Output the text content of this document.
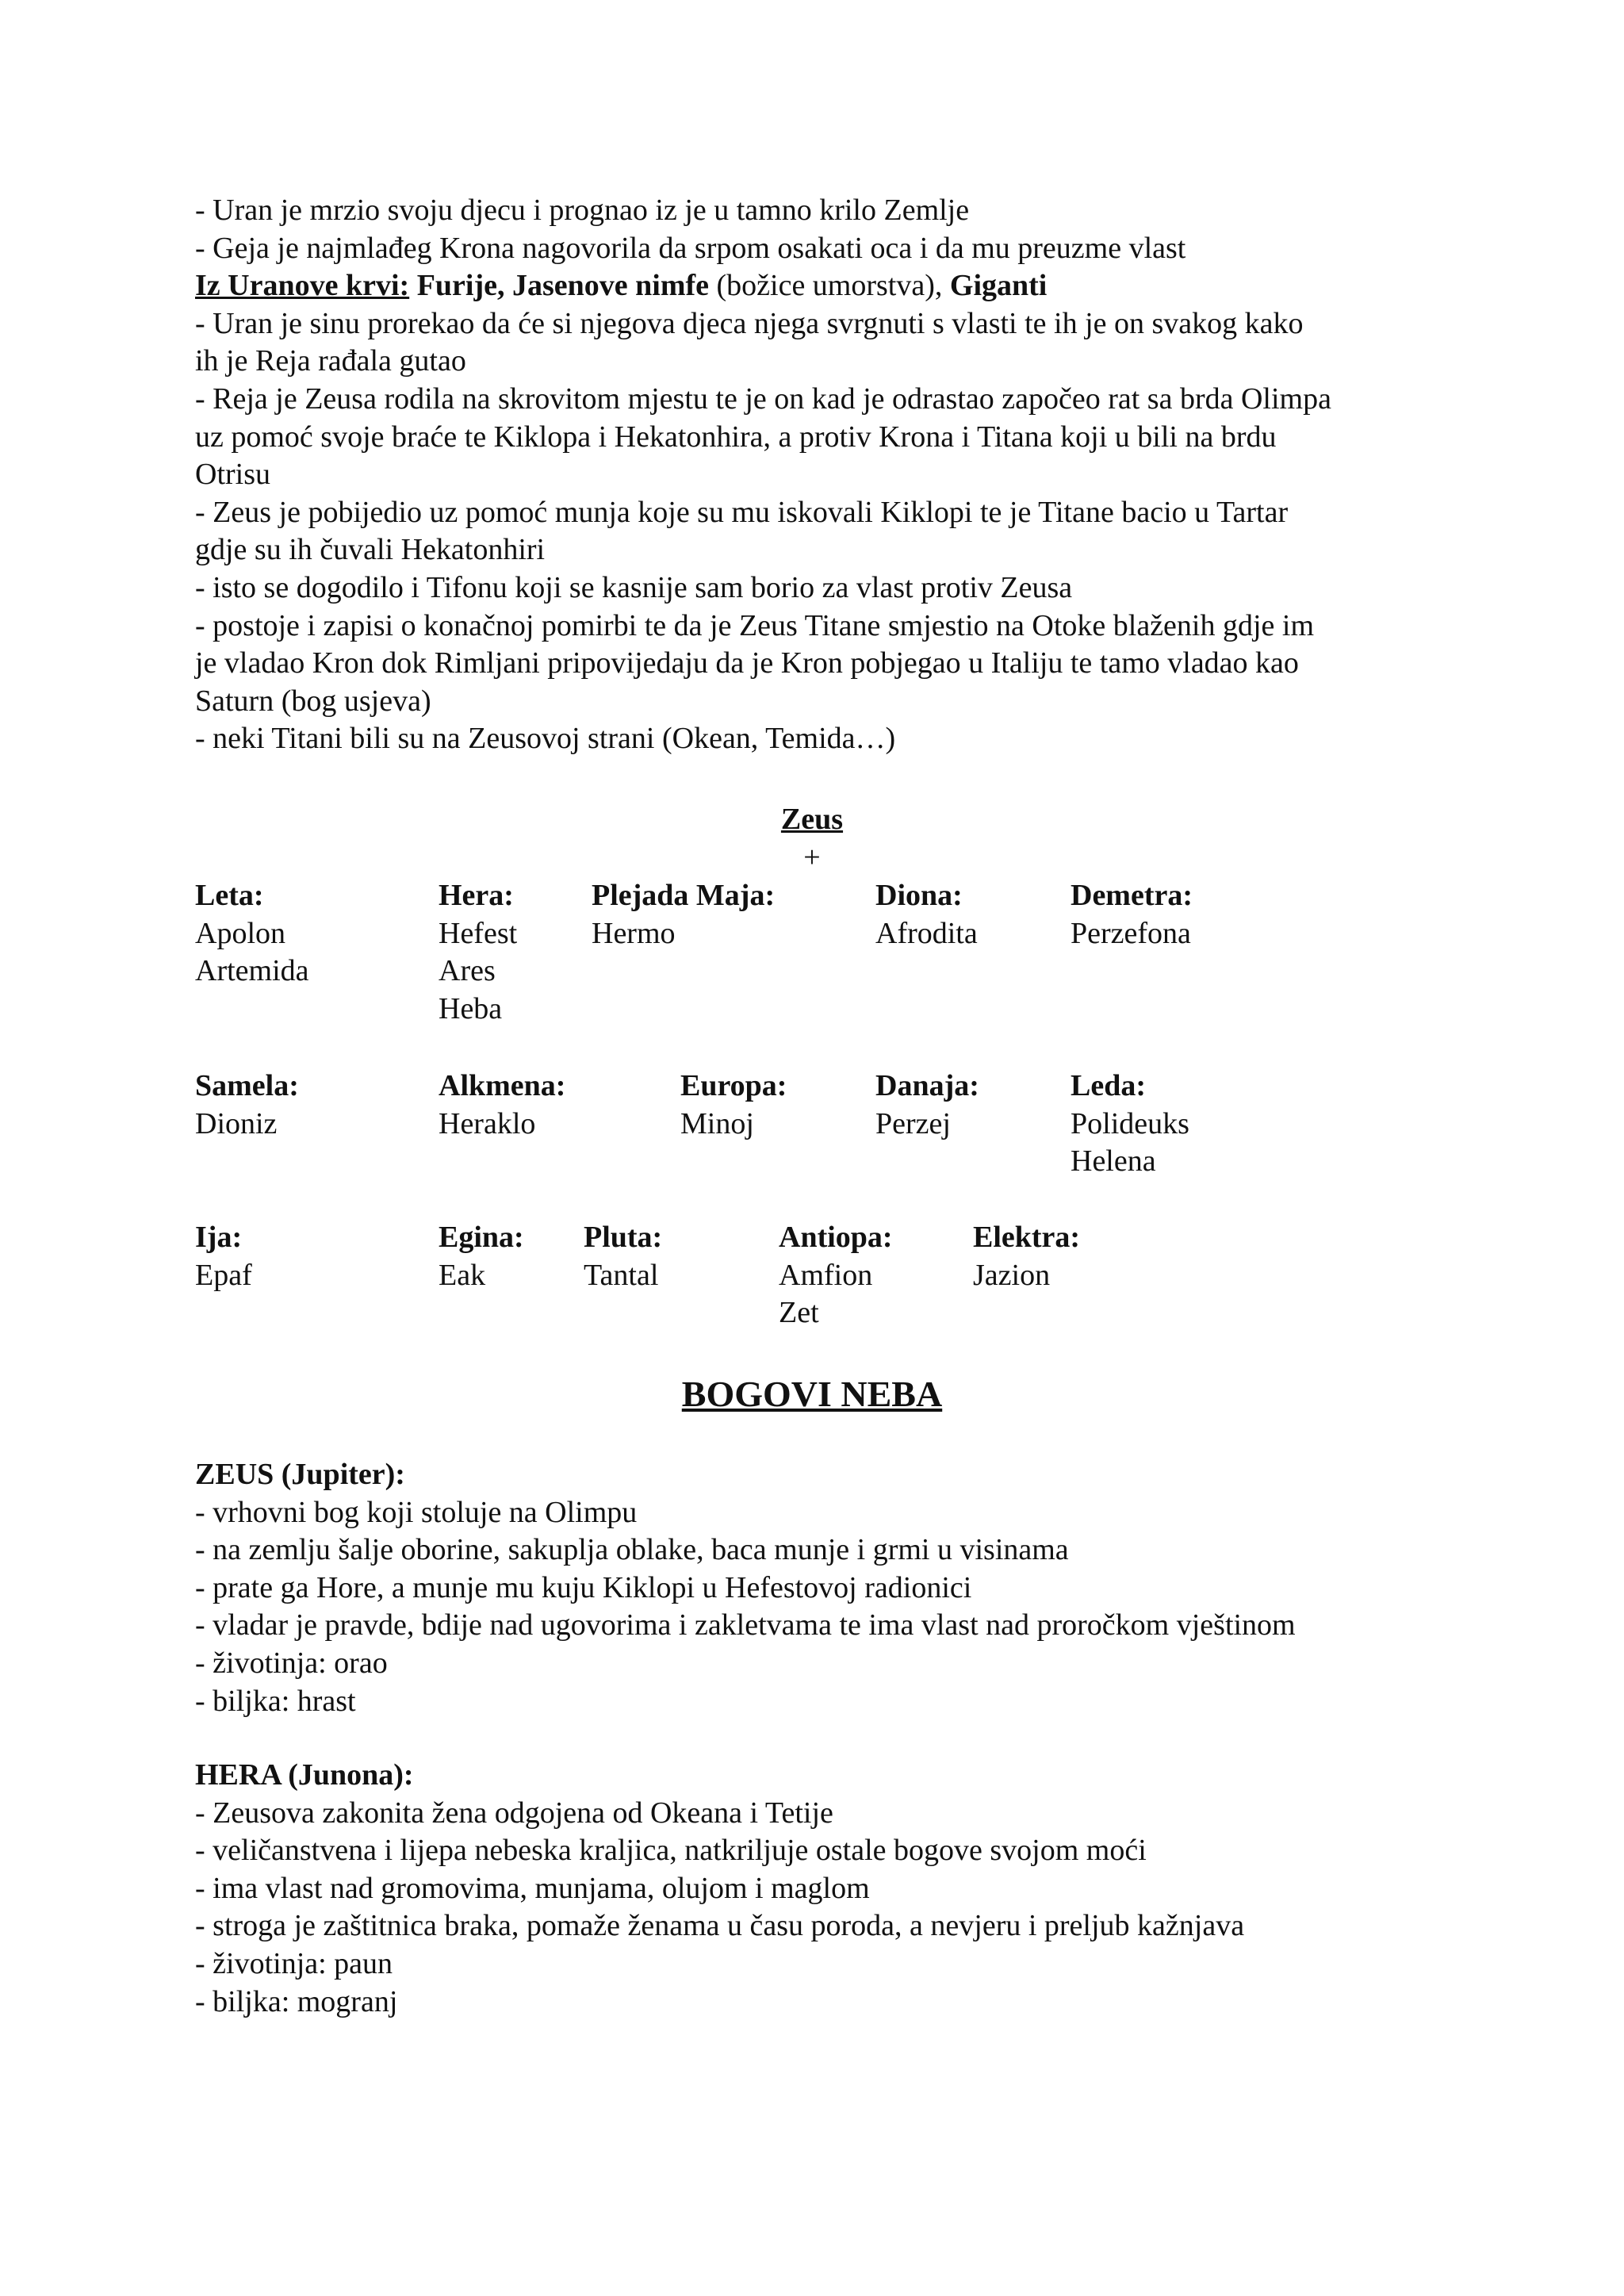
- Uran je mrzio svoju djecu i prognao iz je u tamno krilo Zemlje

- Geja je najmlađeg Krona nagovorila da srpom osakati oca i da mu preuzme vlast

Iz Uranove krvi: Furije, Jasenove nimfe (božice umorstva), Giganti

- Uran je sinu prorekao da će si njegova djeca njega svrgnuti s vlasti te ih je on svakog kako

ih je Reja rađala gutao

- Reja je Zeusa rodila na skrovitom mjestu te je on kad je odrastao započeo rat sa brda Olimpa

uz pomoć svoje braće te Kiklopa i Hekatonhira, a protiv Krona i Titana koji u bili na brdu

Otrisu

- Zeus je pobijedio uz pomoć munja koje su mu iskovali Kiklopi te je Titane bacio u Tartar

gdje su ih čuvali Hekatonhiri

- isto se dogodilo i Tifonu koji se kasnije sam borio za vlast protiv Zeusa

- postoje i zapisi o konačnoj pomirbi te da je Zeus Titane smjestio na Otoke blaženih gdje im

je vladao Kron dok Rimljani pripovijedaju da je Kron pobjegao u Italiju te tamo vladao kao

Saturn (bog usjeva)

- neki Titani bili su na Zeusovoj strani (Okean, Temida…)

Zeus
+
Leta:
Apolon
Artemida
Hera:
Hefest
Ares
Heba
Plejada Maja:
Hermo
Diona:
Afrodita
Demetra:
Perzefona
Samela:
Dioniz
Alkmena:
Heraklo
Europa:
Minoj
Danaja:
Perzej
Leda:
Polideuks
Helena
Ija:
Epaf
Egina:
Eak
Pluta:
Tantal
Antiopa:
Amfion
Zet
Elektra:
Jazion
BOGOVI NEBA

ZEUS (Jupiter):

- vrhovni bog koji stoluje na Olimpu

- na zemlju šalje oborine, sakuplja oblake, baca munje i grmi u visinama

- prate ga Hore, a munje mu kuju Kiklopi u Hefestovoj radionici

- vladar je pravde, bdije nad ugovorima i zakletvama te ima vlast nad proročkom vještinom

- životinja: orao

- biljka: hrast

HERA (Junona):

- Zeusova zakonita žena odgojena od Okeana i Tetije

- veličanstvena i lijepa nebeska kraljica, natkriljuje ostale bogove svojom moći

- ima vlast nad gromovima, munjama, olujom i maglom

- stroga je zaštitnica braka, pomaže ženama u času poroda, a nevjeru i preljub kažnjava

- životinja: paun

- biljka: mogranj
